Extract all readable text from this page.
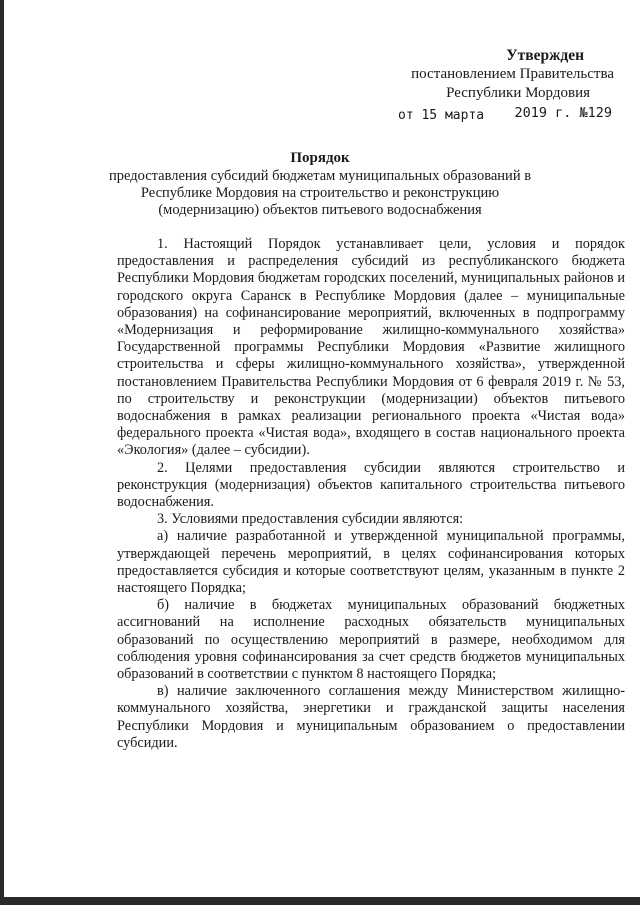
Утвержден
постановлением Правительства
Республики Мордовия
от 15 марта 2019 г. №129
Порядок
предоставления субсидий бюджетам муниципальных образований в Республике Мордовия на строительство и реконструкцию (модернизацию) объектов питьевого водоснабжения

1. Настоящий Порядок устанавливает цели, условия и порядок предоставления и распределения субсидий из республиканского бюджета Республики Мордовия бюджетам городских поселений, муниципальных районов и городского округа Саранск в Республике Мордовия (далее – муниципальные образования) на софинансирование мероприятий, включенных в подпрограмму «Модернизация и реформирование жилищно-коммунального хозяйства» Государственной программы Республики Мордовия «Развитие жилищного строительства и сферы жилищно-коммунального хозяйства», утвержденной постановлением Правительства Республики Мордовия от 6 февраля 2019 г. № 53, по строительству и реконструкции (модернизации) объектов питьевого водоснабжения в рамках реализации регионального проекта «Чистая вода» федерального проекта «Чистая вода», входящего в состав национального проекта «Экология» (далее – субсидии).

2. Целями предоставления субсидии являются строительство и реконструкция (модернизация) объектов капитального строительства питьевого водоснабжения.

3. Условиями предоставления субсидии являются:

а) наличие разработанной и утвержденной муниципальной программы, утверждающей перечень мероприятий, в целях софинансирования которых предоставляется субсидия и которые соответствуют целям, указанным в пункте 2 настоящего Порядка;

б) наличие в бюджетах муниципальных образований бюджетных ассигнований на исполнение расходных обязательств муниципальных образований по осуществлению мероприятий в размере, необходимом для соблюдения уровня софинансирования за счет средств бюджетов муниципальных образований в соответствии с пунктом 8 настоящего Порядка;

в) наличие заключенного соглашения между Министерством жилищно-коммунального хозяйства, энергетики и гражданской защиты населения Республики Мордовия и муниципальным образованием о предоставлении субсидии.
